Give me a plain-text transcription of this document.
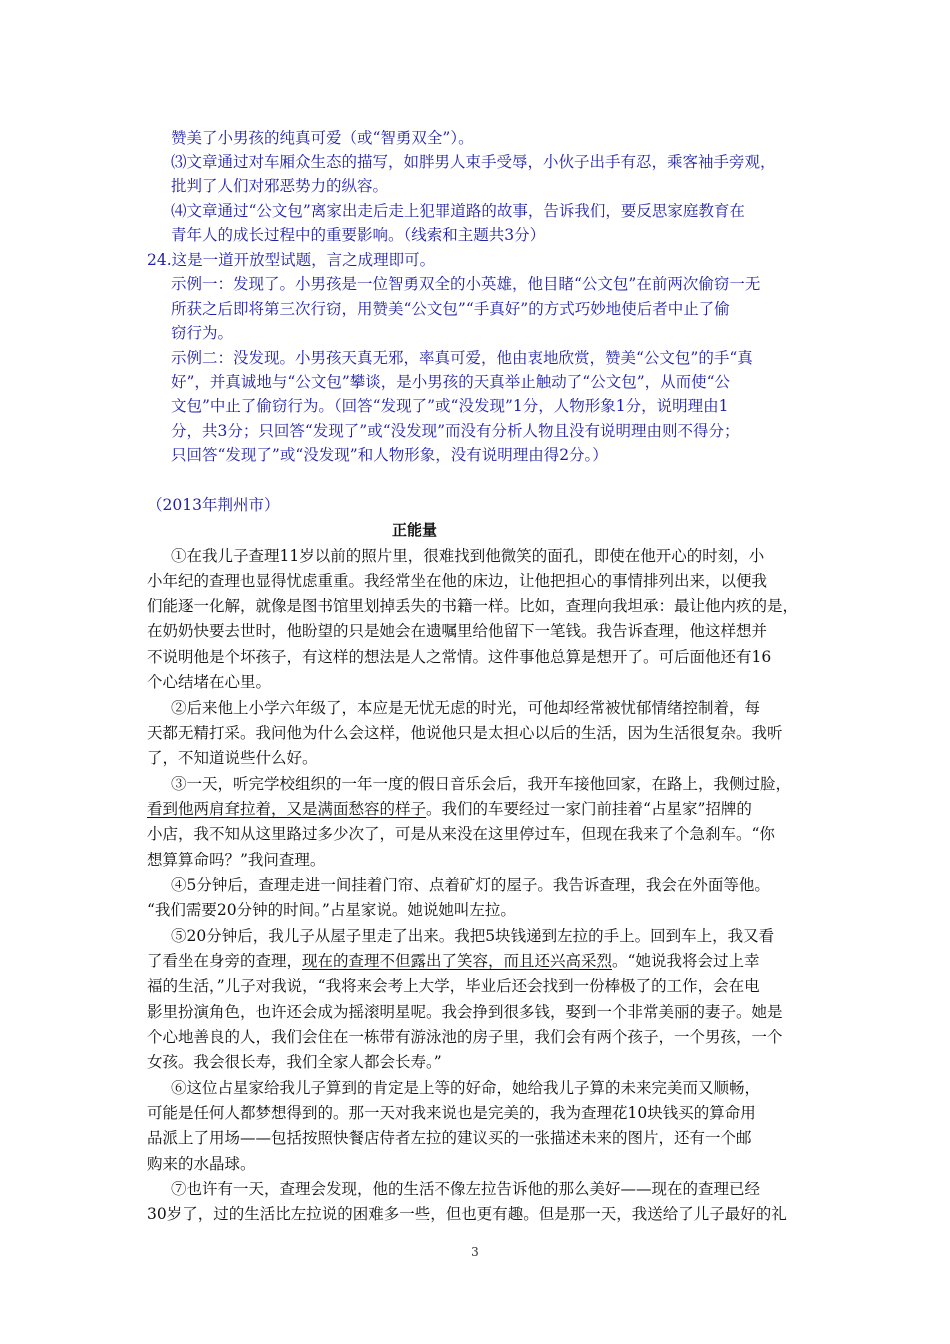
赞美了小男孩的纯真可爱（或“智勇双全”）。
⑶文章通过对车厢众生态的描写，如胖男人束手受辱，小伙子出手有忍，乘客袖手旁观，
批判了人们对邪恶势力的纵容。
⑷文章通过“公文包”离家出走后走上犯罪道路的故事，告诉我们，要反思家庭教育在
青年人的成长过程中的重要影响。（线索和主题共3分）
24.这是一道开放型试题，言之成理即可。
示例一：发现了。小男孩是一位智勇双全的小英雄，他目睹“公文包”在前两次偷窃一无
所获之后即将第三次行窃，用赞美“公文包”“手真好”的方式巧妙地使后者中止了偷
窃行为。
示例二：没发现。小男孩天真无邪，率真可爱，他由衷地欣赏，赞美“公文包”的手“真
好”，并真诚地与“公文包”攀谈，是小男孩的天真举止触动了“公文包”，从而使“公
文包”中止了偷窃行为。（回答“发现了”或“没发现”1分，人物形象1分，说明理由1
分，共3分；只回答“发现了”或“没发现”而没有分析人物且没有说明理由则不得分；
只回答“发现了”或“没发现”和人物形象，没有说明理由得2分。）
（2013年荆州市）
正能量
①在我儿子查理11岁以前的照片里，很难找到他微笑的面孔，即使在他开心的时刻，小
小年纪的查理也显得忧虑重重。我经常坐在他的床边，让他把担心的事情排列出来，以便我
们能逐一化解，就像是图书馆里划掉丢失的书籍一样。比如，查理向我坦承：最让他内疚的是，
在奶奶快要去世时，他盼望的只是她会在遗嘱里给他留下一笔钱。我告诉查理，他这样想并
不说明他是个坏孩子，有这样的想法是人之常情。这件事他总算是想开了。可后面他还有16
个心结堵在心里。
②后来他上小学六年级了，本应是无忧无虑的时光，可他却经常被忧郁情绪控制着，每
天都无精打采。我问他为什么会这样，他说他只是太担心以后的生活，因为生活很复杂。我听
了，不知道说些什么好。
③一天，听完学校组织的一年一度的假日音乐会后，我开车接他回家，在路上，我侧过脸，
看到他两肩耷拉着，又是满面愁容的样子。我们的车要经过一家门前挂着“占星家”招牌的
小店，我不知从这里路过多少次了，可是从来没在这里停过车，但现在我来了个急刹车。“你
想算算命吗？”我问查理。
④5分钟后，查理走进一间挂着门帘、点着矿灯的屋子。我告诉查理，我会在外面等他。
“我们需要20分钟的时间。”占星家说。她说她叫左拉。
⑤20分钟后，我儿子从屋子里走了出来。我把5块钱递到左拉的手上。回到车上，我又看
了看坐在身旁的查理，现在的查理不但露出了笑容，而且还兴高采烈。“她说我将会过上幸
福的生活，”儿子对我说，“我将来会考上大学，毕业后还会找到一份棒极了的工作，会在电
影里扮演角色，也许还会成为摇滚明星呢。我会挣到很多钱，娶到一个非常美丽的妻子。她是
个心地善良的人，我们会住在一栋带有游泳池的房子里，我们会有两个孩子，一个男孩，一个
女孩。我会很长寿，我们全家人都会长寿。”
⑥这位占星家给我儿子算到的肯定是上等的好命，她给我儿子算的未来完美而又顺畅，
可能是任何人都梦想得到的。那一天对我来说也是完美的，我为查理花10块钱买的算命用
品派上了用场——包括按照快餐店侍者左拉的建议买的一张描述未来的图片，还有一个邮
购来的水晶球。
⑦也许有一天，查理会发现，他的生活不像左拉告诉他的那么美好——现在的查理已经
30岁了，过的生活比左拉说的困难多一些，但也更有趣。但是那一天，我送给了儿子最好的礼
3
